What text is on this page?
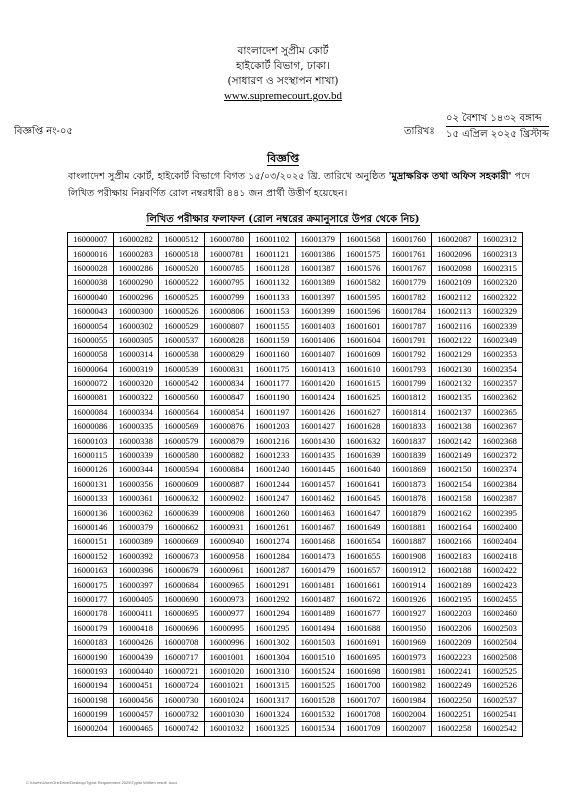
বাংলাদেশ সুপ্রীম কোর্ট
হাইকোর্ট বিভাগ, ঢাকা।
(সাধারণ ও সংস্থাপন শাখা)
www.supremecourt.gov.bd
বিজ্ঞপ্তি নং-০৫	তারিখঃ
০২ বৈশাখ ১৪৩২ বঙ্গাব্দ
১৫ এপ্রিল ২০২৫ খ্রিস্টাব্দ
বিজ্ঞপ্তি
বাংলাদেশ সুপ্রীম কোর্ট, হাইকোর্ট বিভাগে বিগত ১৫/০৩/২০২৫ খ্রি. তারিখে অনুষ্ঠিত 'মুদ্রাক্ষরিক তথা অফিস সহকারী' পদে লিখিত পরীক্ষায় নিম্নবর্ণিত রোল নম্বরধারী ৪৪১ জন প্রার্থী উত্তীর্ণ হয়েছেন।
লিখিত পরীক্ষার ফলাফল (রোল নম্বরের ক্রমানুসারে উপর থেকে নিচ)
16000007	16000282	16000512	16000780	16001102	16001379	16001568	16001760	16002087	16002312
16000016	16000283	16000518	16000781	16001121	16001386	16001575	16001761	16002096	16002313
16000028	16000286	16000520	16000785	16001128	16001387	16001576	16001767	16002098	16002315
16000038	16000290	16000522	16000795	16001132	16001389	16001582	16001779	16002109	16002320
16000040	16000296	16000525	16000799	16001133	16001397	16001595	16001782	16002112	16002322
16000043	16000300	16000526	16000806	16001153	16001399	16001596	16001784	16002113	16002329
16000054	16000302	16000529	16000807	16001155	16001403	16001601	16001787	16002116	16002339
16000055	16000305	16000537	16000828	16001159	16001406	16001604	16001791	16002122	16002349
16000058	16000314	16000538	16000829	16001160	16001407	16001609	16001792	16002129	16002353
16000064	16000319	16000539	16000831	16001175	16001413	16001610	16001793	16002130	16002354
16000072	16000320	16000542	16000834	16001177	16001420	16001615	16001799	16002132	16002357
16000081	16000322	16000560	16000847	16001190	16001424	16001625	16001812	16002135	16002362
16000084	16000334	16000564	16000854	16001197	16001426	16001627	16001814	16002137	16002365
16000086	16000335	16000569	16000876	16001203	16001427	16001628	16001833	16002138	16002367
16000103	16000338	16000579	16000879	16001216	16001430	16001632	16001837	16002142	16002368
16000115	16000339	16000580	16000882	16001233	16001435	16001639	16001839	16002149	16002372
16000126	16000344	16000594	16000884	16001240	16001445	16001640	16001869	16002150	16002374
16000131	16000356	16000609	16000887	16001244	16001457	16001641	16001873	16002154	16002384
16000133	16000361	16000632	16000902	16001247	16001462	16001645	16001878	16002158	16002387
16000136	16000362	16000639	16000908	16001260	16001463	16001647	16001879	16002162	16002395
16000146	16000379	16000662	16000931	16001261	16001467	16001649	16001881	16002164	16002400
16000151	16000389	16000669	16000940	16001274	16001468	16001654	16001887	16002166	16002404
16000152	16000392	16000673	16000958	16001284	16001473	16001655	16001908	16002183	16002418
16000163	16000396	16000679	16000961	16001287	16001479	16001657	16001912	16002188	16002422
16000175	16000397	16000684	16000965	16001291	16001481	16001661	16001914	16002189	16002423
16000177	16000405	16000690	16000973	16001292	16001487	16001672	16001926	16002195	16002455
16000178	16000411	16000695	16000977	16001294	16001489	16001677	16001927	16002203	16002460
16000179	16000418	16000696	16000995	16001295	16001494	16001688	16001950	16002206	16002503
16000183	16000426	16000708	16000996	16001302	16001503	16001691	16001969	16002209	16002504
16000190	16000439	16000717	16001001	16001304	16001510	16001695	16001973	16002223	16002508
16000193	16000440	16000721	16001020	16001310	16001524	16001698	16001981	16002241	16002525
16000194	16000451	16000724	16001021	16001315	16001525	16001700	16001982	16002249	16002526
16000198	16000456	16000730	16001024	16001317	16001528	16001707	16001984	16002250	16002537
16000199	16000457	16000732	16001030	16001324	16001532	16001708	16002004	16002251	16002541
16000204	16000465	16000742	16001032	16001325	16001534	16001709	16002007	16002258	16002542
C:\Users\User\OneDrive\Desktop\Typist Requirement 2025\Typist Written result .docx
